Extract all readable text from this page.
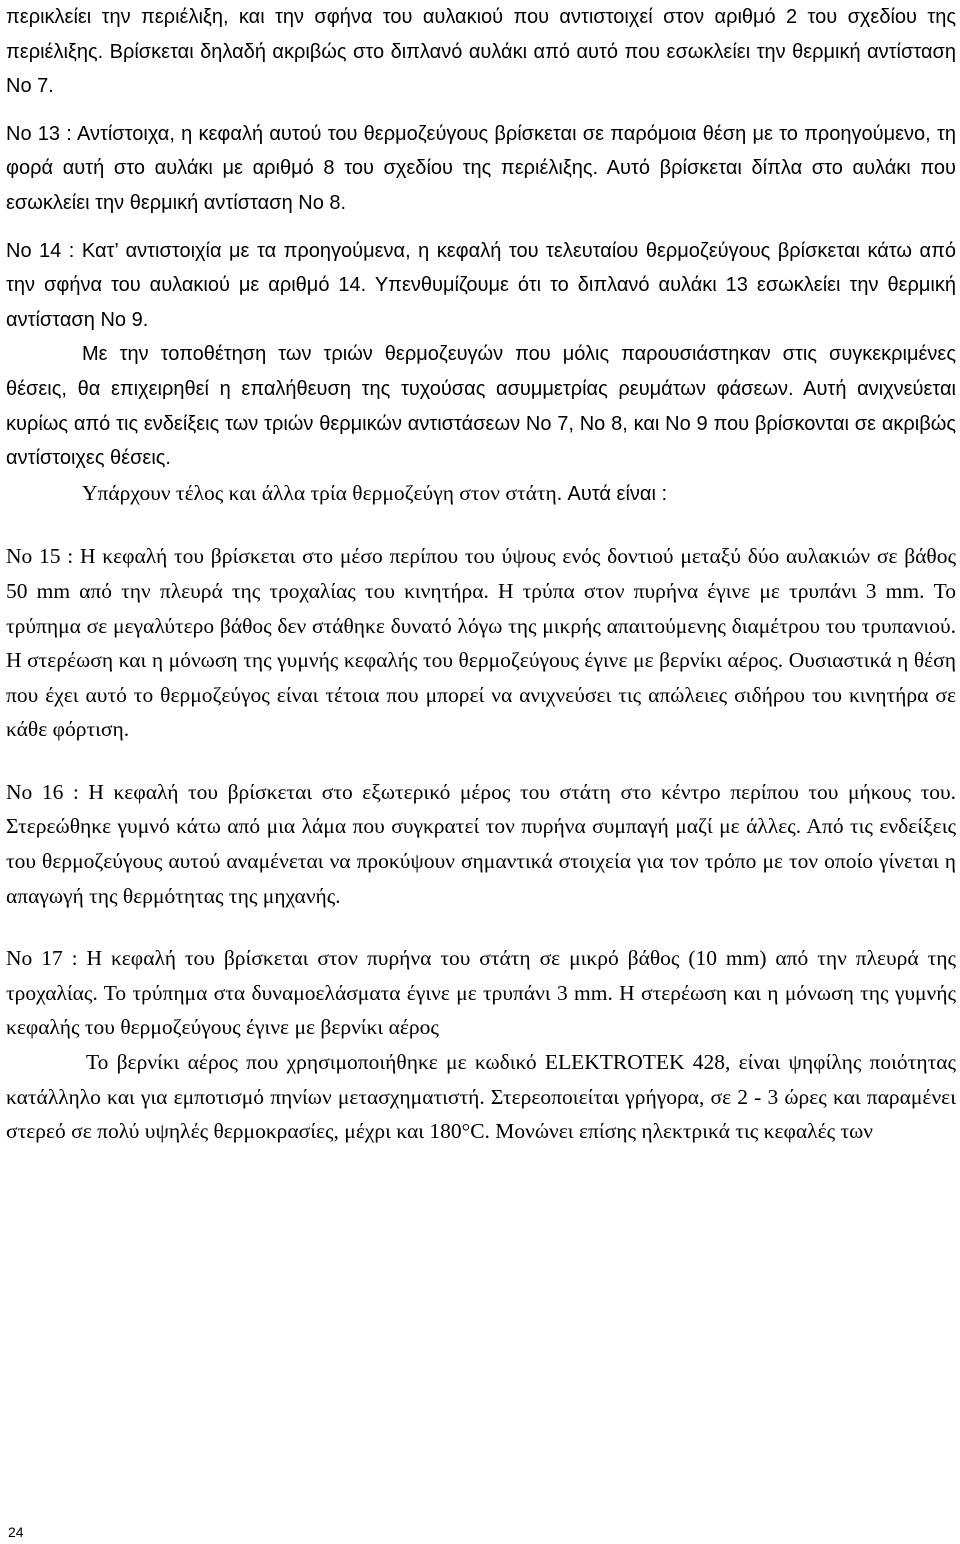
περικλείει την περιέλιξη, και την σφήνα του αυλακιού που αντιστοιχεί στον αριθμό 2 του σχεδίου της περιέλιξης. Βρίσκεται δηλαδή ακριβώς στο διπλανό αυλάκι από αυτό που εσωκλείει την θερμική αντίσταση Νο 7.

Νο 13 : Αντίστοιχα, η κεφαλή αυτού του θερμοζεύγους βρίσκεται σε παρόμοια θέση με το προηγούμενο, τη φορά αυτή στο αυλάκι με αριθμό 8 του σχεδίου της περιέλιξης. Αυτό βρίσκεται δίπλα στο αυλάκι που εσωκλείει την θερμική αντίσταση Νο 8.

Νο 14 : Κατ’ αντιστοιχία με τα προηγούμενα, η κεφαλή του τελευταίου θερμοζεύγους βρίσκεται κάτω από την σφήνα του αυλακιού με αριθμό 14. Υπενθυμίζουμε ότι το διπλανό αυλάκι 13 εσωκλείει την θερμική αντίσταση Νο 9.

Με την τοποθέτηση των τριών θερμοζευγών που μόλις παρουσιάστηκαν στις συγκεκριμένες θέσεις, θα επιχειρηθεί η επαλήθευση της τυχούσας ασυμμετρίας ρευμάτων φάσεων. Αυτή ανιχνεύεται κυρίως από τις ενδείξεις των τριών θερμικών αντιστάσεων Νο 7, Νο 8, και Νο 9 που βρίσκονται σε ακριβώς αντίστοιχες θέσεις.

Υπάρχουν τέλος και άλλα τρία θερμοζεύγη στον στάτη. Αυτά είναι :

Νο 15 : Η κεφαλή του βρίσκεται στο μέσο περίπου του ύψους ενός δοντιού μεταξύ δύο αυλακιών σε βάθος 50 mm από την πλευρά της τροχαλίας του κινητήρα. Η τρύπα στον πυρήνα έγινε με τρυπάνι 3 mm. Το τρύπημα σε μεγαλύτερο βάθος δεν στάθηκε δυνατό λόγω της μικρής απαιτούμενης διαμέτρου του τρυπανιού. Η στερέωση και η μόνωση της γυμνής κεφαλής του θερμοζεύγους έγινε με βερνίκι αέρος. Ουσιαστικά η θέση που έχει αυτό το θερμοζεύγος είναι τέτοια που μπορεί να ανιχνεύσει τις απώλειες σιδήρου του κινητήρα σε κάθε φόρτιση.

Νο 16 : Η κεφαλή του βρίσκεται στο εξωτερικό μέρος του στάτη στο κέντρο περίπου του μήκους του. Στερεώθηκε γυμνό κάτω από μια λάμα που συγκρατεί τον πυρήνα συμπαγή μαζί με άλλες. Από τις ενδείξεις του θερμοζεύγους αυτού αναμένεται να προκύψουν σημαντικά στοιχεία για τον τρόπο με τον οποίο γίνεται η απαγωγή της θερμότητας της μηχανής.

Νο 17 : Η κεφαλή του βρίσκεται στον πυρήνα του στάτη σε μικρό βάθος (10 mm) από την πλευρά της τροχαλίας. Το τρύπημα στα δυναμοελάσματα έγινε με τρυπάνι 3 mm. Η στερέωση και η μόνωση της γυμνής κεφαλής του θερμοζεύγους έγινε με βερνίκι αέρος

Το βερνίκι αέρος που χρησιμοποιήθηκε με κωδικό ELEKTROTEK 428, είναι ψηφίλης ποιότητας κατάλληλο και για εμποτισμό πηνίων μετασχηματιστή. Στερεοποιείται γρήγορα, σε 2 - 3 ώρες και παραμένει στερεό σε πολύ υψηλές θερμοκρασίες, μέχρι και 180°C. Μονώνει επίσης ηλεκτρικά τις κεφαλές των

24
